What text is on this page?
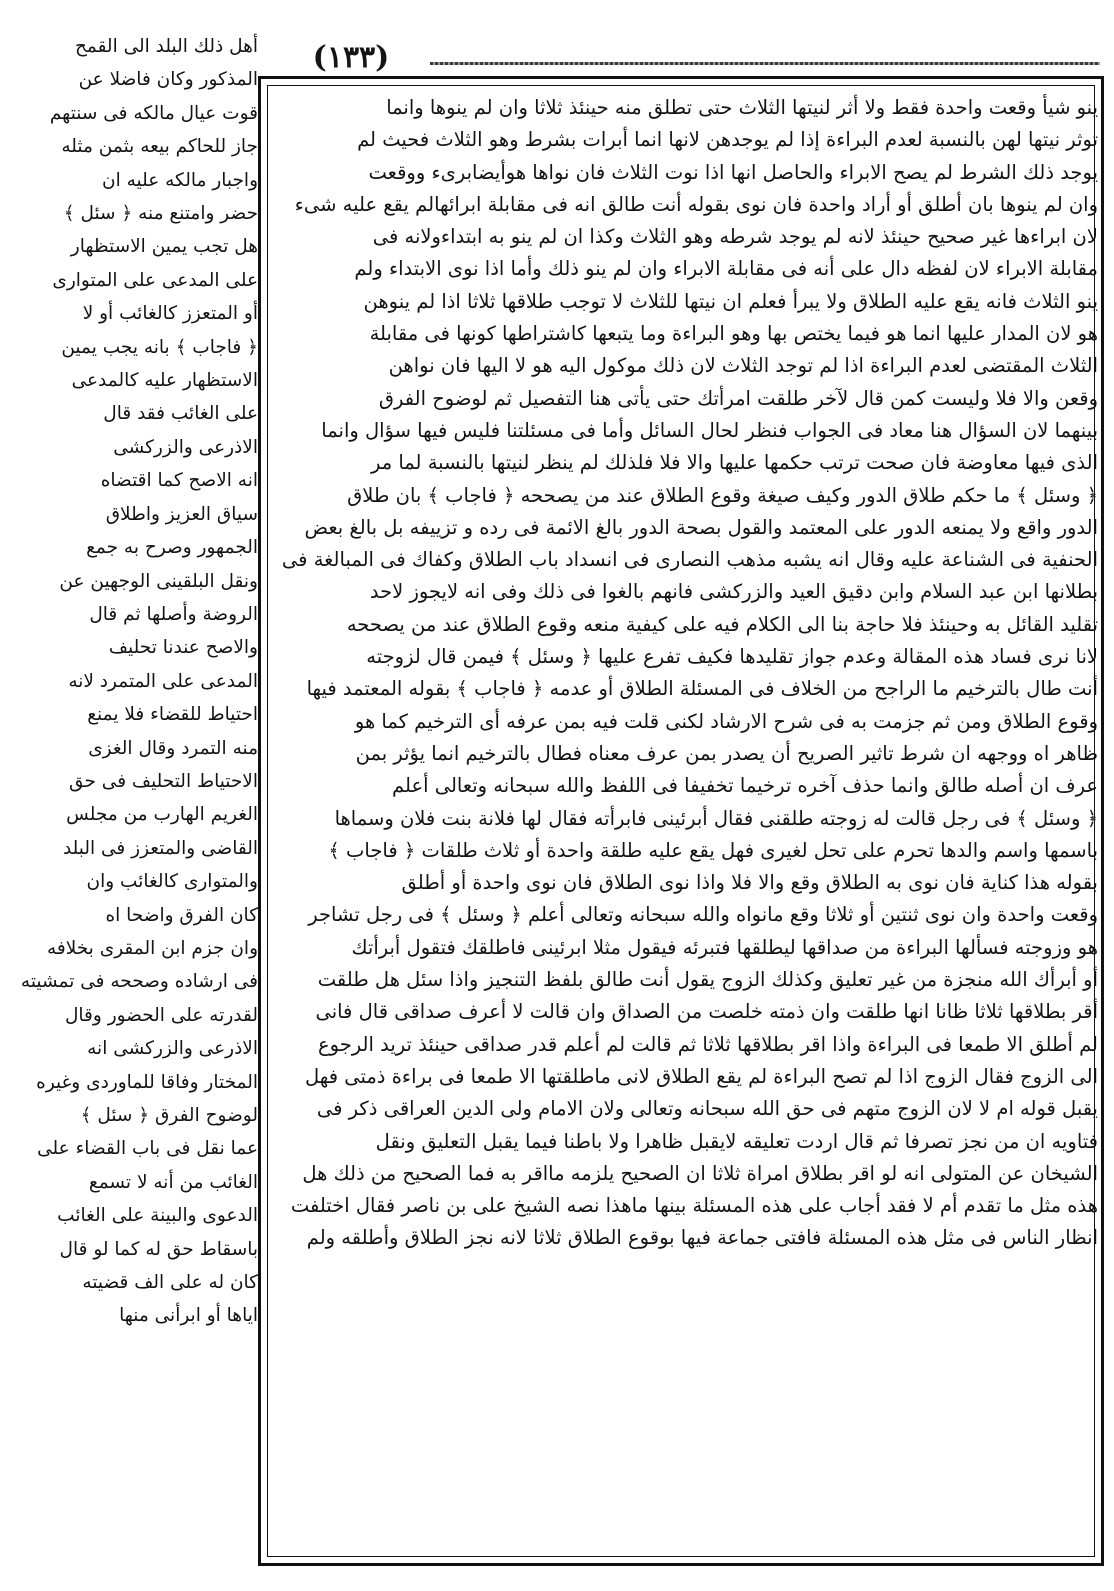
(١٣٣)
ينو شيأ وقعت واحدة فقط ولا أثر لنيتها الثلاث حتى تطلق منه حينئذ ثلاثا وان لم ينوها وانما
توثر نيتها لهن بالنسبة لعدم البراءة إذا لم يوجدهن لانها انما أبرات بشرط وهو الثلاث فحيث لم
يوجد ذلك الشرط لم يصح الابراء والحاصل انها اذا نوت الثلاث فان نواها هوأيضابرىء ووقعت
وان لم ينوها بان أطلق أو أراد واحدة فان نوى بقوله أنت طالق انه فى مقابلة ابرائهالم يقع عليه شىء
لان ابراءها غير صحيح حينئذ لانه لم يوجد شرطه وهو الثلاث وكذا ان لم ينو به ابتداءولانه فى
مقابلة الابراء لان لفظه دال على أنه فى مقابلة الابراء وان لم ينو ذلك وأما اذا نوى الابتداء ولم
ينو الثلاث فانه يقع عليه الطلاق ولا يبرأ فعلم ان نيتها للثلاث لا توجب طلاقها ثلاثا اذا لم ينوهن
هو لان المدار عليها انما هو فيما يختص بها وهو البراءة وما يتبعها كاشتراطها كونها فى مقابلة
الثلاث المقتضى لعدم البراءة اذا لم توجد الثلاث لان ذلك موكول اليه هو لا اليها فان نواهن
وقعن والا فلا وليست كمن قال لآخر طلقت امرأتك حتى يأتى هنا التفصيل ثم لوضوح الفرق
بينهما لان السؤال هنا معاد فى الجواب فنظر لحال السائل وأما فى مسئلتنا فليس فيها سؤال وانما
الذى فيها معاوضة فان صحت ترتب حكمها عليها والا فلا فلذلك لم ينظر لنيتها بالنسبة لما مر
﴿ وسئل ﴾ ما حكم طلاق الدور وكيف صيغة وقوع الطلاق عند من يصححه ﴿ فاجاب ﴾ بان طلاق
الدور واقع ولا يمنعه الدور على المعتمد والقول بصحة الدور بالغ الائمة فى رده و تزييفه بل بالغ بعض
الحنفية فى الشناعة عليه وقال انه يشبه مذهب النصارى فى انسداد باب الطلاق وكفاك فى المبالغة فى
بطلانها ابن عبد السلام وابن دقيق العيد والزركشى فانهم بالغوا فى ذلك وفى انه لايجوز لاحد
تقليد القائل به وحينئذ فلا حاجة بنا الى الكلام فيه على كيفية منعه وقوع الطلاق عند من يصححه
لانا نرى فساد هذه المقالة وعدم جواز تقليدها فكيف تفرع عليها ﴿ وسئل ﴾ فيمن قال لزوجته
أنت طال بالترخيم ما الراجح من الخلاف فى المسئلة الطلاق أو عدمه ﴿ فاجاب ﴾ بقوله المعتمد فيها
وقوع الطلاق ومن ثم جزمت به فى شرح الارشاد لكنى قلت فيه بمن عرفه أى الترخيم كما هو
ظاهر اه ووجهه ان شرط تاثير الصريح أن يصدر بمن عرف معناه فطال بالترخيم انما يؤثر بمن
عرف ان أصله طالق وانما حذف آخره ترخيما تخفيفا فى اللفظ والله سبحانه وتعالى أعلم
﴿ وسئل ﴾ فى رجل قالت له زوجته طلقنى فقال أبرئينى فابرأته فقال لها فلانة بنت فلان وسماها
باسمها واسم والدها تحرم على تحل لغيرى فهل يقع عليه طلقة واحدة أو ثلاث طلقات ﴿ فاجاب ﴾
بقوله هذا كناية فان نوى به الطلاق وقع والا فلا واذا نوى الطلاق فان نوى واحدة أو أطلق
وقعت واحدة وان نوى ثنتين أو ثلاثا وقع مانواه والله سبحانه وتعالى أعلم ﴿ وسئل ﴾ فى رجل تشاجر
هو وزوجته فسألها البراءة من صداقها ليطلقها فتبرئه فيقول مثلا ابرئينى فاطلقك فتقول أبرأتك
أو أبرأك الله منجزة من غير تعليق وكذلك الزوج يقول أنت طالق بلفظ التنجيز واذا سئل هل طلقت
أقر بطلاقها ثلاثا ظانا انها طلقت وان ذمته خلصت من الصداق وان قالت لا أعرف صداقى قال فانى
لم أطلق الا طمعا فى البراءة واذا اقر بطلاقها ثلاثا ثم قالت لم أعلم قدر صداقى حينئذ تريد الرجوع
الى الزوج فقال الزوج اذا لم تصح البراءة لم يقع الطلاق لانى ماطلقتها الا طمعا فى براءة ذمتى فهل
يقبل قوله ام لا لان الزوج متهم فى حق الله سبحانه وتعالى ولان الامام ولى الدين العراقى ذكر فى
فتاويه ان من نجز تصرفا ثم قال اردت تعليقه لايقبل ظاهرا ولا باطنا فيما يقبل التعليق ونقل
الشيخان عن المتولى انه لو اقر بطلاق امراة ثلاثا ان الصحيح يلزمه مااقر به فما الصحيح من ذلك هل
هذه مثل ما تقدم أم لا فقد أجاب على هذه المسئلة بينها ماهذا نصه الشيخ على بن ناصر فقال اختلفت
انظار الناس فى مثل هذه المسئلة فافتى جماعة فيها بوقوع الطلاق ثلاثا لانه نجز الطلاق وأطلقه ولم
أهل ذلك البلد الى القمح
المذكور وكان فاضلا عن
قوت عيال مالكه فى سنتهم
جاز للحاكم بيعه بثمن مثله
واجبار مالكه عليه ان
حضر وامتنع منه ﴿ سئل ﴾
هل تجب يمين الاستظهار
على المدعى على المتوارى
أو المتعزز كالغائب أو لا
﴿ فاجاب ﴾ بانه يجب يمين
الاستظهار عليه كالمدعى
على الغائب فقد قال
الاذرعى والزركشى
انه الاصح كما اقتضاه
سياق العزيز واطلاق
الجمهور وصرح به جمع
ونقل البلقينى الوجهين عن
الروضة وأصلها ثم قال
والاصح عندنا تحليف
المدعى على المتمرد لانه
احتياط للقضاء فلا يمنع
منه التمرد وقال الغزى
الاحتياط التحليف فى حق
الغريم الهارب من مجلس
القاضى والمتعزز فى البلد
والمتوارى كالغائب وان
كان الفرق واضحا اه
وان جزم ابن المقرى بخلافه
فى ارشاده وصححه فى تمشيته
لقدرته على الحضور وقال
الاذرعى والزركشى انه
المختار وفاقا للماوردى وغيره
لوضوح الفرق ﴿ سئل ﴾
عما نقل فى باب القضاء على
الغائب من أنه لا تسمع
الدعوى والبينة على الغائب
باسقاط حق له كما لو قال
كان له على الف قضيته
اياها أو ابرأنى منها
